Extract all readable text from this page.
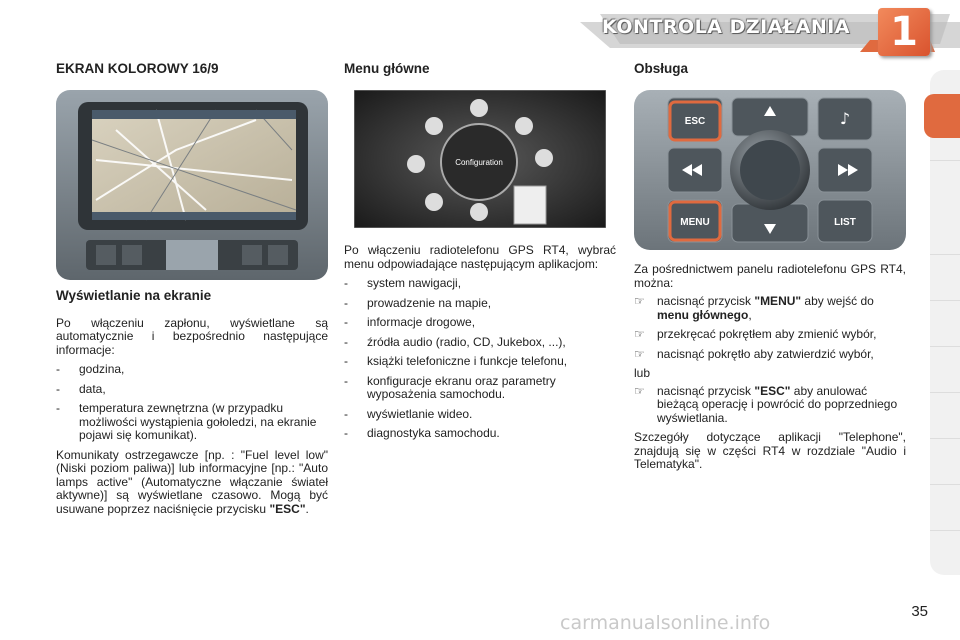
KONTROLA DZIAŁANIA	1
EKRAN KOLOROWY 16/9
Wyświetlanie na ekranie

Po włączeniu zapłonu, wyświetlane są automatycznie i bezpośrednio następujące informacje:

- godzina,
- data,
- temperatura zewnętrzna (w przypadku możliwości wystąpienia gołoledzi, na ekranie pojawi się komunikat).

Komunikaty ostrzegawcze [np. : "Fuel level low" (Niski poziom paliwa)] lub informacyjne [np.: "Auto lamps active" (Automatyczne włączanie świateł aktywne)] są wyświetlane czasowo. Mogą być usuwane poprzez naciśnięcie przycisku "ESC".

Menu główne
Configuration

Po włączeniu radiotelefonu GPS RT4, wybrać menu odpowiadające następującym aplikacjom:

- system nawigacji,
- prowadzenie na mapie,
- informacje drogowe,
- źródła audio (radio, CD, Jukebox, ...),
- książki telefoniczne i funkcje telefonu,
- konfiguracje ekranu oraz parametry wyposażenia samochodu.
- wyświetlanie wideo.
- diagnostyka samochodu.
Obsługa
ESC
MENU	LIST
♪

Za pośrednictwem panelu radiotelefonu GPS RT4, można:

☞ nacisnąć przycisk "MENU" aby wejść do menu głównego,
☞ przekręcać pokrętłem aby zmienić wybór,
☞ nacisnąć pokrętło aby zatwierdzić wybór,

lub

☞ nacisnąć przycisk "ESC" aby anulować bieżącą operację i powrócić do poprzedniego wyświetlania.

Szczegóły dotyczące aplikacji "Telephone", znajdują się w części RT4 w rozdziale "Audio i Telematyka".

35
carmanualsonline.info
